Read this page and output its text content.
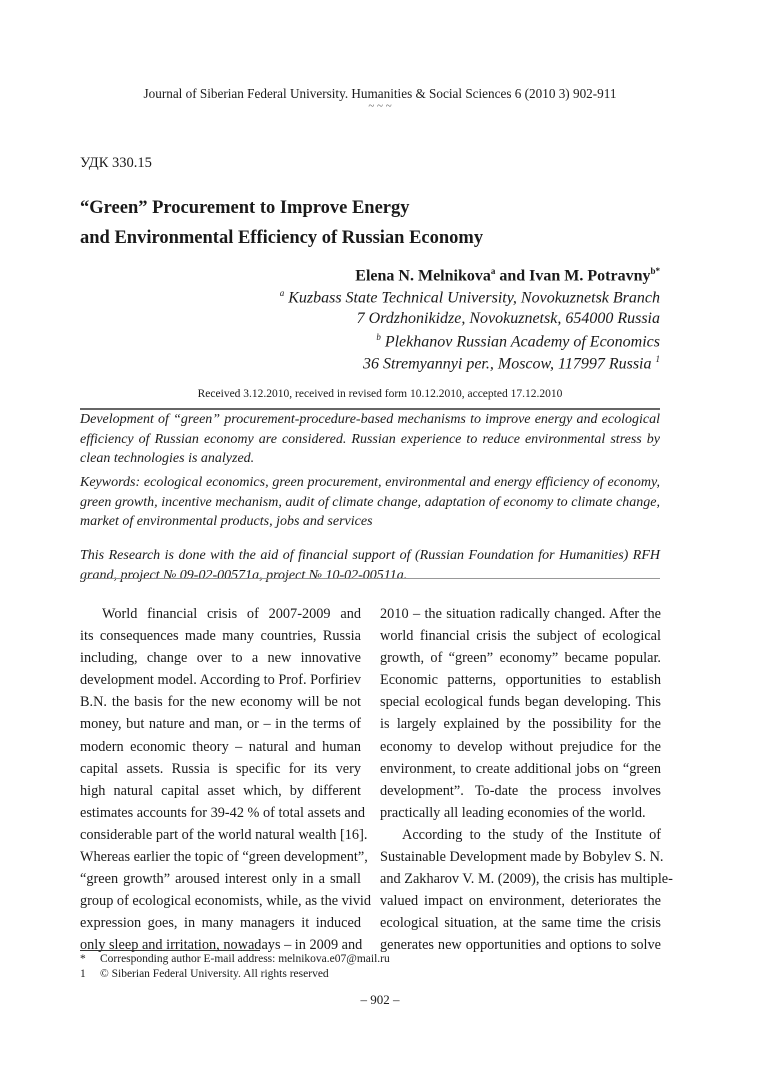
Journal of Siberian Federal University. Humanities & Social Sciences 6 (2010 3) 902-911
~ ~ ~
УДК 330.15
“Green” Procurement to Improve Energy
and Environmental Efficiency of Russian Economy
Elena N. Melnikova$^a$ and Ivan M. Potravny$^{b*}$
$^a$ Kuzbass State Technical University, Novokuznetsk Branch
7 Ordzhonikidze, Novokuznetsk, 654000 Russia
$^b$ Plekhanov Russian Academy of Economics
36 Stremyannyi per., Moscow, 117997 Russia $^1$
Received 3.12.2010, received in revised form 10.12.2010, accepted 17.12.2010
Development of “green” procurement-procedure-based mechanisms to improve energy and ecological efficiency of Russian economy are considered. Russian experience to reduce environmental stress by clean technologies is analyzed.
Keywords: ecological economics, green procurement, environmental and energy efficiency of economy, green growth, incentive mechanism, audit of climate change, adaptation of economy to climate change, market of environmental products, jobs and services
This Research is done with the aid of financial support of (Russian Foundation for Humanities) RFH grand, project № 09-02-00571a, project № 10-02-00511a.
World financial crisis of 2007-2009 and
its consequences made many countries, Russia
including, change over to a new innovative
development model. According to Prof. Porfiriev
B.N. the basis for the new economy will be not
money, but nature and man, or – in the terms of
modern economic theory – natural and human
capital assets. Russia is specific for its very
high natural capital asset which, by different
estimates accounts for 39-42 % of total assets and
considerable part of the world natural wealth [16].
Whereas earlier the topic of “green development”,
“green growth” aroused interest only in a small
group of ecological economists, while, as the vivid
expression goes, in many managers it induced
only sleep and irritation, nowadays – in 2009 and
2010 – the situation radically changed. After the
world financial crisis the subject of ecological
growth, of “green” economy” became popular.
Economic patterns, opportunities to establish
special ecological funds began developing. This
is largely explained by the possibility for the
economy to develop without prejudice for the
environment, to create additional jobs on “green
development”. To-date the process involves
practically all leading economies of the world.
According to the study of the Institute of
Sustainable Development made by Bobylev S. N.
and Zakharov V. M. (2009), the crisis has multiple-
valued impact on environment, deteriorates the
ecological situation, at the same time the crisis
generates new opportunities and options to solve
* Corresponding author E-mail address: melnikova.e07@mail.ru
1 © Siberian Federal University. All rights reserved
– 902 –
